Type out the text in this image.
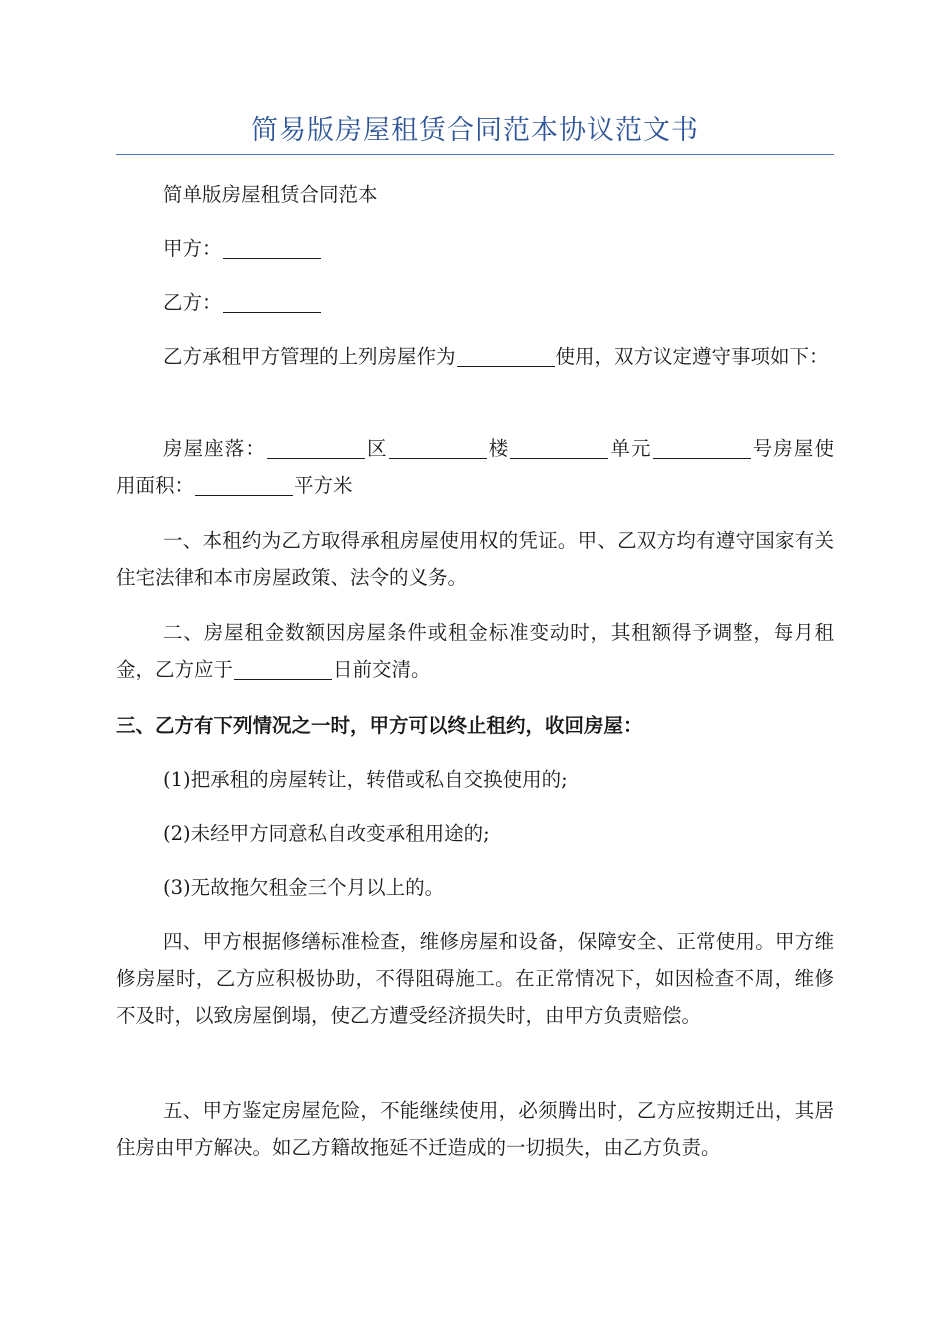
简易版房屋租赁合同范本协议范文书

简单版房屋租赁合同范本

甲方：

乙方：

乙方承租甲方管理的上列房屋作为	使用，双方议定遵守事项如下：

房屋座落：	区	楼	单元	号房屋使用面积：	平方米

一、本租约为乙方取得承租房屋使用权的凭证。甲、乙双方均有遵守国家有关住宅法律和本市房屋政策、法令的义务。

二、房屋租金数额因房屋条件或租金标准变动时，其租额得予调整，每月租金，乙方应于	日前交清。

三、乙方有下列情况之一时，甲方可以终止租约，收回房屋：

(1)把承租的房屋转让，转借或私自交换使用的;

(2)未经甲方同意私自改变承租用途的;

(3)无故拖欠租金三个月以上的。

四、甲方根据修缮标准检查，维修房屋和设备，保障安全、正常使用。甲方维修房屋时，乙方应积极协助，不得阻碍施工。在正常情况下，如因检查不周，维修不及时，以致房屋倒塌，使乙方遭受经济损失时，由甲方负责赔偿。

五、甲方鉴定房屋危险，不能继续使用，必须腾出时，乙方应按期迁出，其居住房由甲方解决。如乙方籍故拖延不迁造成的一切损失，由乙方负责。
